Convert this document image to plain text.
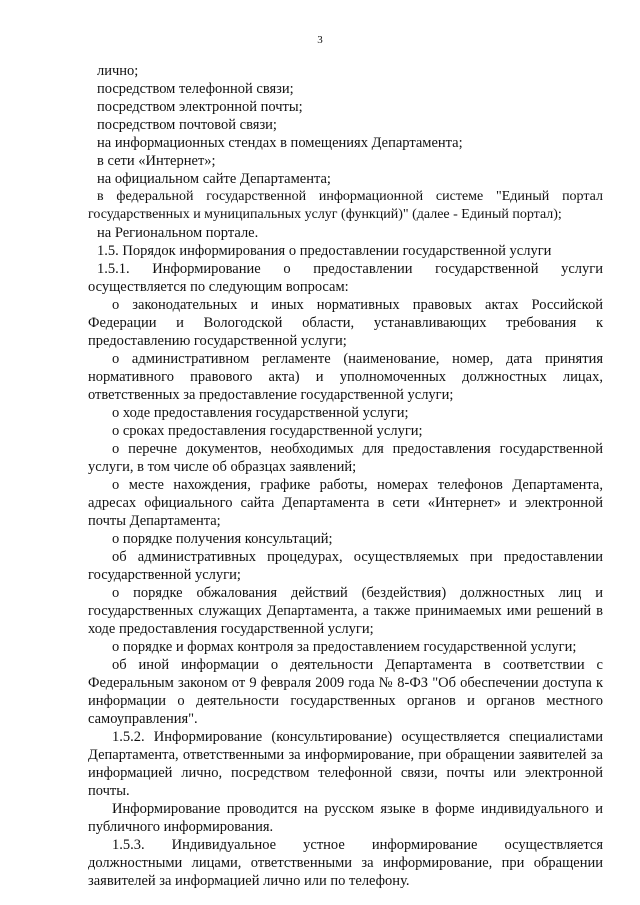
3

лично;

посредством телефонной связи;

посредством электронной почты;

посредством почтовой связи;

на информационных стендах в помещениях Департамента;

в сети «Интернет»;

на официальном сайте Департамента;

в федеральной государственной информационной системе "Единый портал государственных и муниципальных услуг (функций)" (далее - Единый портал);

на Региональном портале.

1.5. Порядок информирования о предоставлении государственной услуги

1.5.1. Информирование о предоставлении государственной услуги осуществляется по следующим вопросам:

о законодательных и иных нормативных правовых актах Российской Федерации и Вологодской области, устанавливающих требования к предоставлению государственной услуги;

о административном регламенте (наименование, номер, дата принятия нормативного правового акта) и уполномоченных должностных лицах, ответственных за предоставление государственной услуги;

о ходе предоставления государственной услуги;

о сроках предоставления государственной услуги;

о перечне документов, необходимых для предоставления государственной услуги, в том числе об образцах заявлений;

о месте нахождения, графике работы, номерах телефонов Департамента, адресах официального сайта Департамента в сети «Интернет» и электронной почты Департамента;

о порядке получения консультаций;

об административных процедурах, осуществляемых при предоставлении государственной услуги;

о порядке обжалования действий (бездействия) должностных лиц и государственных служащих Департамента, а также принимаемых ими решений в ходе предоставления государственной услуги;

о порядке и формах контроля за предоставлением государственной услуги;

об иной информации о деятельности Департамента в соответствии с Федеральным законом от 9 февраля 2009 года № 8-ФЗ "Об обеспечении доступа к информации о деятельности государственных органов и органов местного самоуправления".

1.5.2. Информирование (консультирование) осуществляется специалистами Департамента, ответственными за информирование, при обращении заявителей за информацией лично, посредством телефонной связи, почты или электронной почты.

Информирование проводится на русском языке в форме индивидуального и публичного информирования.

1.5.3. Индивидуальное устное информирование осуществляется должностными лицами, ответственными за информирование, при обращении заявителей за информацией лично или по телефону.
